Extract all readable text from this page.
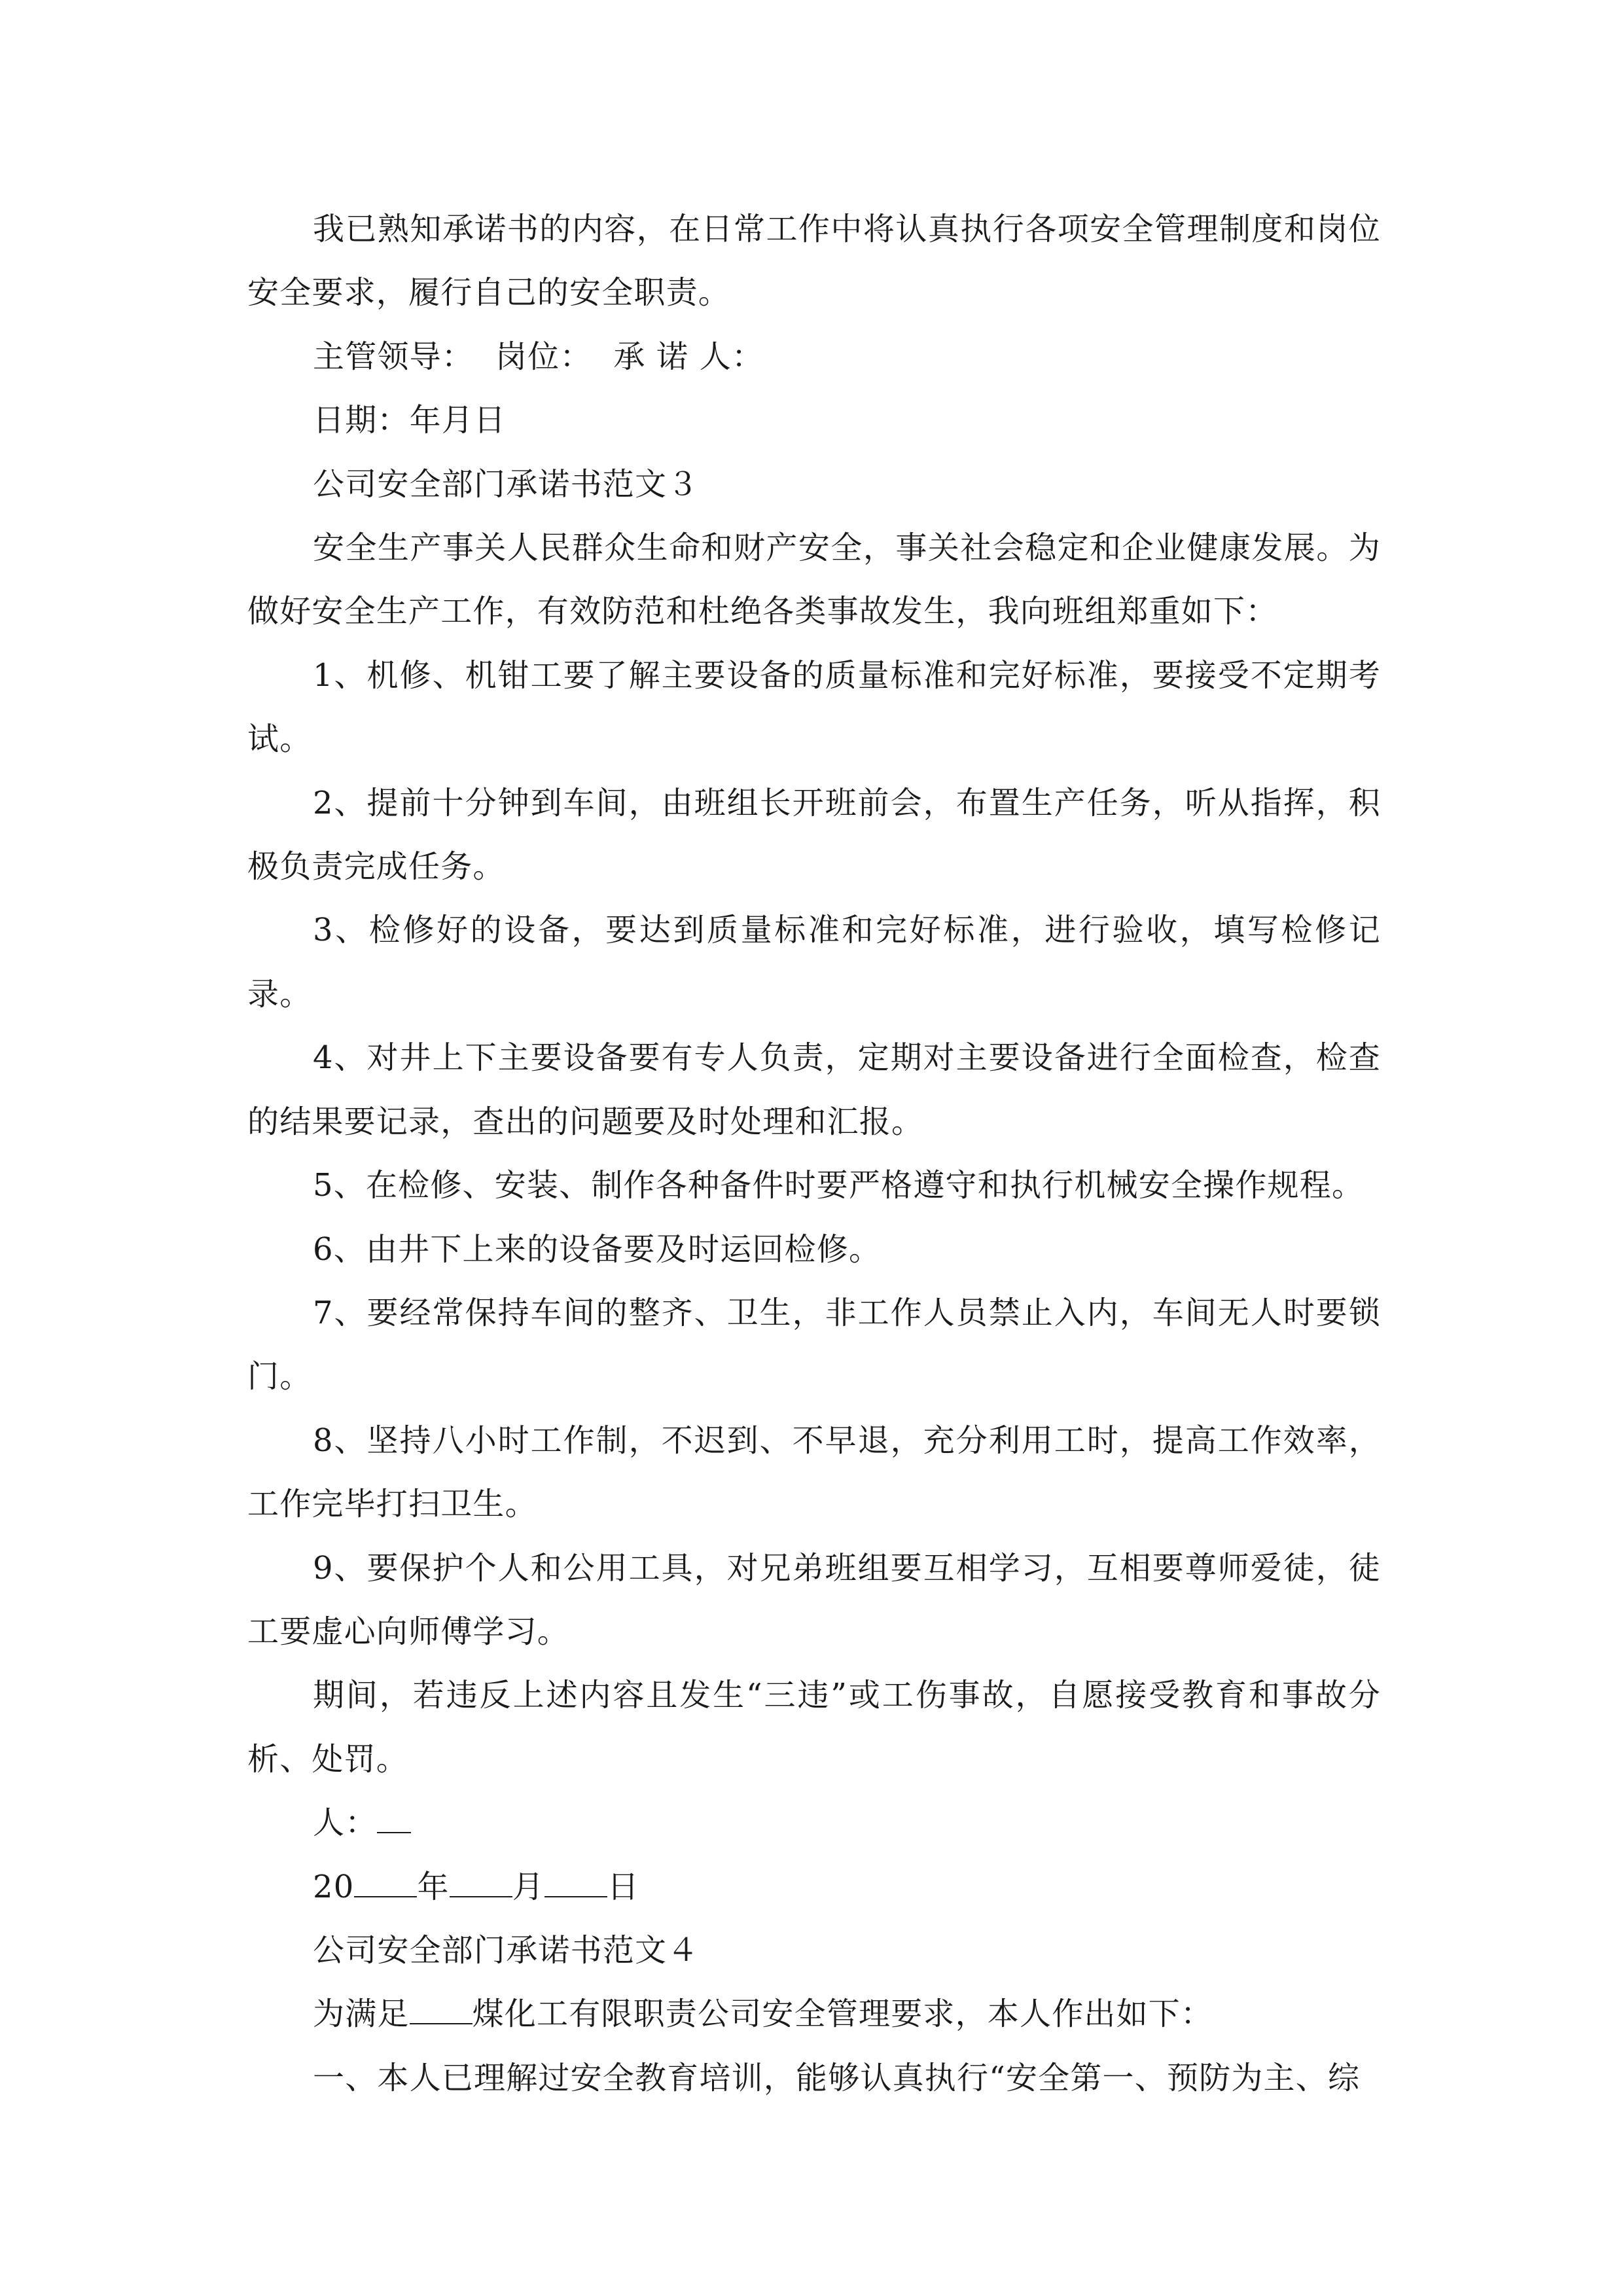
我已熟知承诺书的内容，在日常工作中将认真执行各项安全管理制度和岗位安全要求，履行自己的安全职责。

主管领导：  岗位：  承 诺 人：

日期：年月日

公司安全部门承诺书范文３

安全生产事关人民群众生命和财产安全，事关社会稳定和企业健康发展。为做好安全生产工作，有效防范和杜绝各类事故发生，我向班组郑重如下：

1、机修、机钳工要了解主要设备的质量标准和完好标准，要接受不定期考试。

2、提前十分钟到车间，由班组长开班前会，布置生产任务，听从指挥，积极负责完成任务。

3、检修好的设备，要达到质量标准和完好标准，进行验收，填写检修记录。

4、对井上下主要设备要有专人负责，定期对主要设备进行全面检查，检查的结果要记录，查出的问题要及时处理和汇报。

5、在检修、安装、制作各种备件时要严格遵守和执行机械安全操作规程。

6、由井下上来的设备要及时运回检修。

7、要经常保持车间的整齐、卫生，非工作人员禁止入内，车间无人时要锁门。

8、坚持八小时工作制，不迟到、不早退，充分利用工时，提高工作效率，工作完毕打扫卫生。

9、要保护个人和公用工具，对兄弟班组要互相学习，互相要尊师爱徒，徒工要虚心向师傅学习。

期间，若违反上述内容且发生“三违”或工伤事故，自愿接受教育和事故分析、处罚。

人：

20 年 月 日

公司安全部门承诺书范文４

为满足 煤化工有限职责公司安全管理要求，本人作出如下：

一、本人已理解过安全教育培训，能够认真执行“安全第一、预防为主、综
